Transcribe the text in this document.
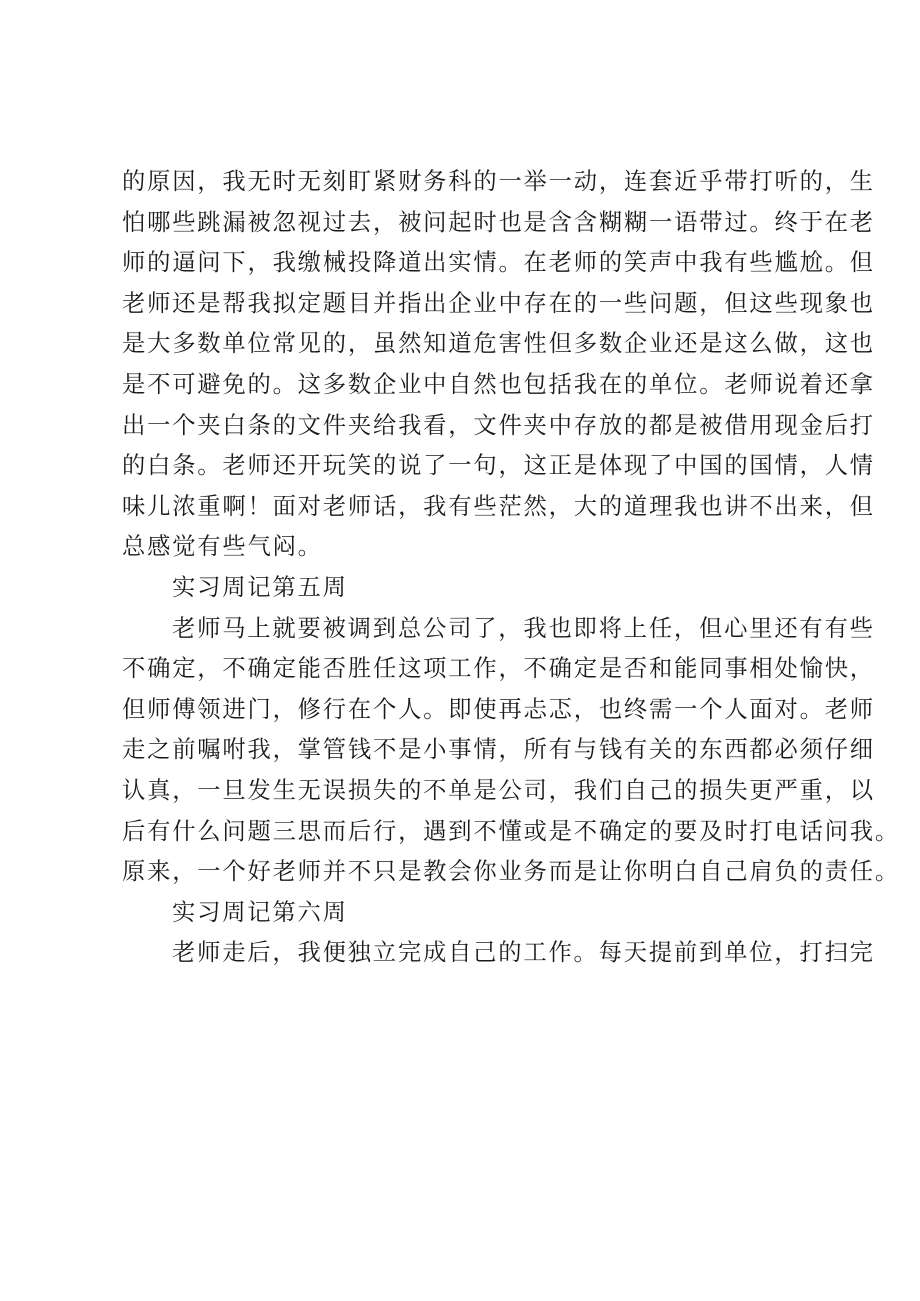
的原因，我无时无刻盯紧财务科的一举一动，连套近乎带打听的，生
怕哪些跳漏被忽视过去，被问起时也是含含糊糊一语带过。终于在老
师的逼问下，我缴械投降道出实情。在老师的笑声中我有些尴尬。但
老师还是帮我拟定题目并指出企业中存在的一些问题，但这些现象也
是大多数单位常见的，虽然知道危害性但多数企业还是这么做，这也
是不可避免的。这多数企业中自然也包括我在的单位。老师说着还拿
出一个夹白条的文件夹给我看，文件夹中存放的都是被借用现金后打
的白条。老师还开玩笑的说了一句，这正是体现了中国的国情，人情
味儿浓重啊！面对老师话，我有些茫然，大的道理我也讲不出来，但
总感觉有些气闷。
实习周记第五周
老师马上就要被调到总公司了，我也即将上任，但心里还有有些
不确定，不确定能否胜任这项工作，不确定是否和能同事相处愉快，
但师傅领进门，修行在个人。即使再忐忑，也终需一个人面对。老师
走之前嘱咐我，掌管钱不是小事情，所有与钱有关的东西都必须仔细
认真，一旦发生无误损失的不单是公司，我们自己的损失更严重，以
后有什么问题三思而后行，遇到不懂或是不确定的要及时打电话问我。
原来，一个好老师并不只是教会你业务而是让你明白自己肩负的责任。
实习周记第六周
老师走后，我便独立完成自己的工作。每天提前到单位，打扫完
